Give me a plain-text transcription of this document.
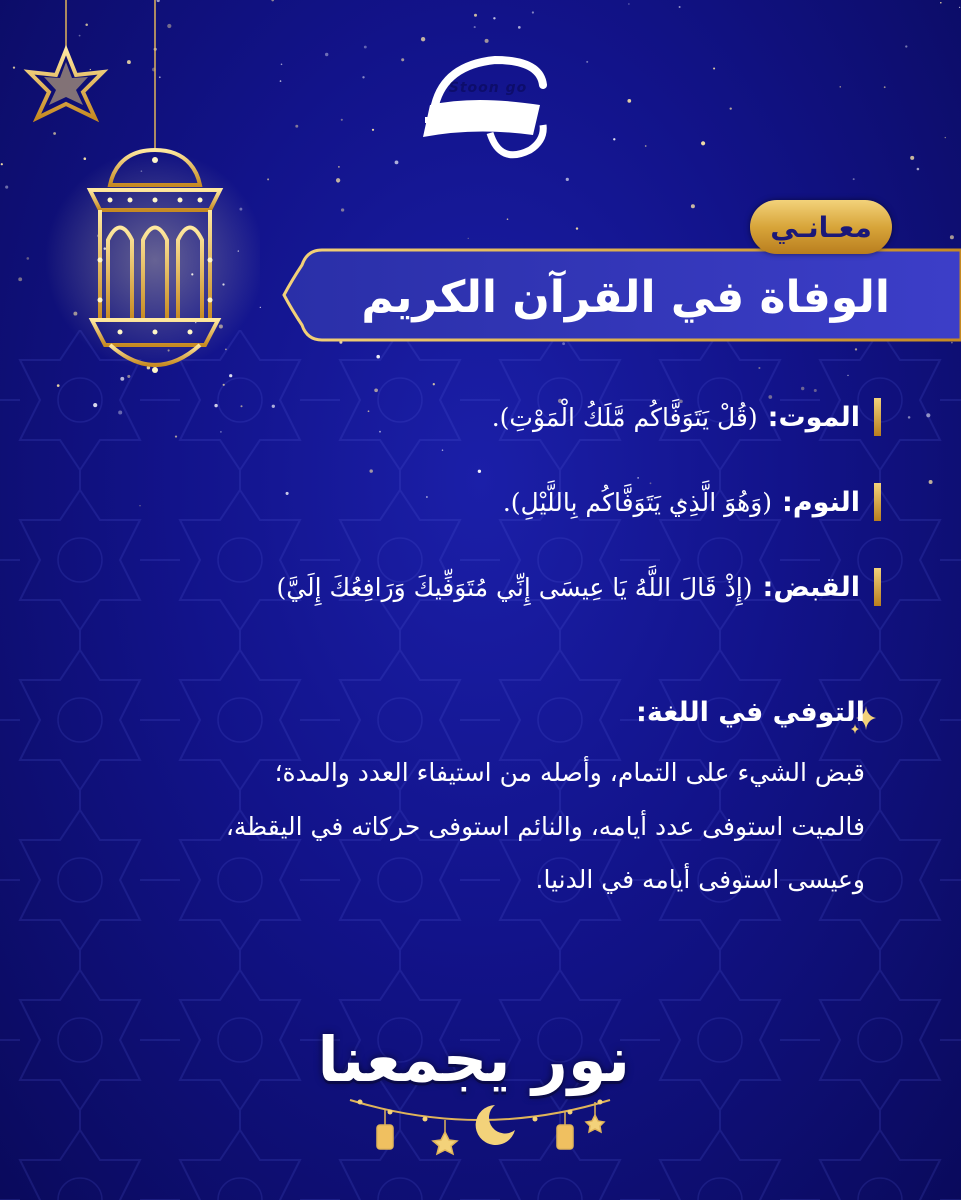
Stoon go
معـانـي
الوفاة في القرآن الكريم
الموت
:
(قُلْ يَتَوَفَّاكُم مَّلَكُ الْمَوْتِ).
النوم
:
(وَهُوَ الَّذِي يَتَوَفَّاكُم بِاللَّيْلِ).
القبض
:
(إِذْ قَالَ اللَّهُ يَا عِيسَى إِنِّي مُتَوَفِّيكَ وَرَافِعُكَ إِلَيَّ)
التوفي في اللغة:
قبض الشيء على التمام، وأصله من استيفاء العدد والمدة؛
فالميت استوفى عدد أيامه، والنائم استوفى حركاته في اليقظة،
وعيسى استوفى أيامه في الدنيا.
نور يجمعنا
